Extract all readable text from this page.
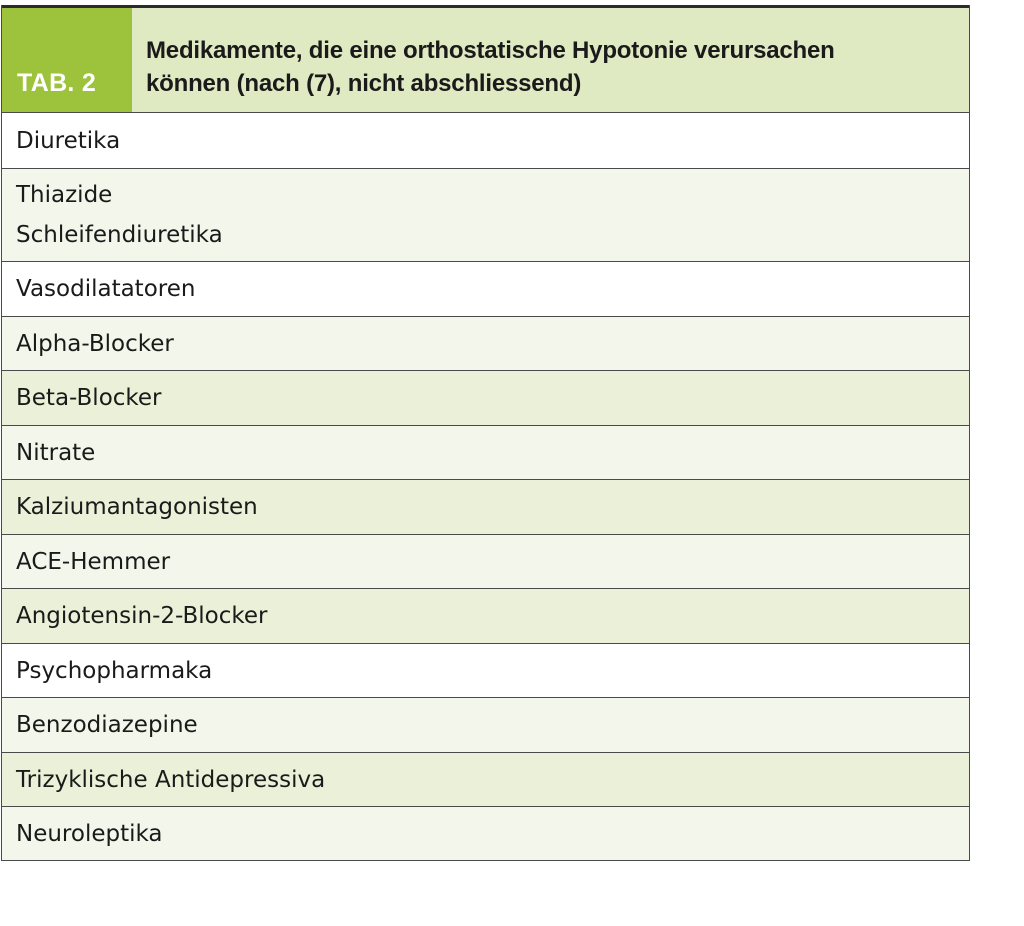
TAB. 2
Medikamente, die eine orthostatische Hypotonie verursachen
können (nach (7), nicht abschliessend)
Diuretika
Thiazide
Schleifendiuretika
Vasodilatatoren
Alpha-Blocker
Beta-Blocker
Nitrate
Kalziumantagonisten
ACE-Hemmer
Angiotensin-2-Blocker
Psychopharmaka
Benzodiazepine
Trizyklische Antidepressiva
Neuroleptika
